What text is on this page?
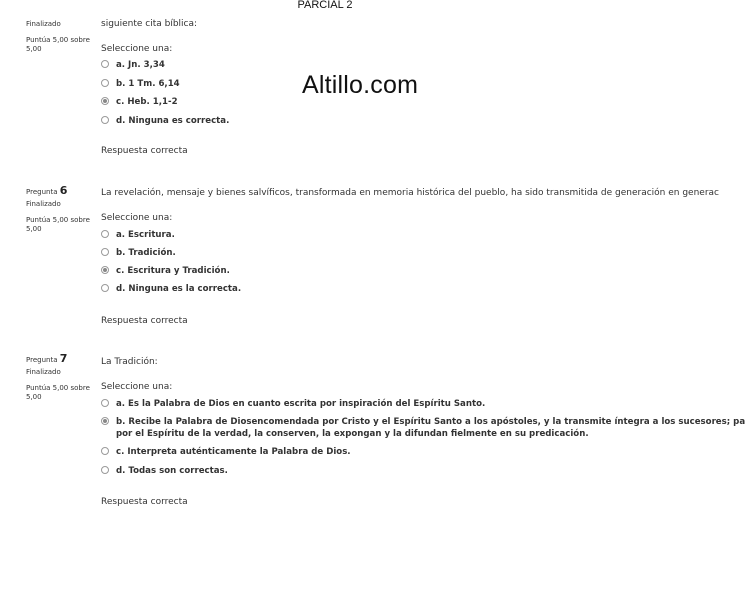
PARCIAL 2
Altillo.com
Finalizado
Puntúa 5,00 sobre
5,00

siguiente cita bíblica:

Seleccione una:

a. Jn. 3,34
b. 1 Tm. 6,14
c. Heb. 1,1-2
d. Ninguna es correcta.
Respuesta correcta
Pregunta 6
Finalizado
Puntúa 5,00 sobre
5,00

La revelación, mensaje y bienes salvíficos, transformada en memoria histórica del pueblo, ha sido transmitida de generación en generac

Seleccione una:

a. Escritura.
b. Tradición.
c. Escritura y Tradición.
d. Ninguna es la correcta.
Respuesta correcta
Pregunta 7
Finalizado
Puntúa 5,00 sobre
5,00

La Tradición:

Seleccione una:

a. Es la Palabra de Dios en cuanto escrita por inspiración del Espíritu Santo.
b. Recibe la Palabra de Diosencomendada por Cristo y el Espíritu Santo a los apóstoles, y la transmite íntegra a los sucesores; pa
por el Espíritu de la verdad, la conserven, la expongan y la difundan fielmente en su predicación.
c. Interpreta auténticamente la Palabra de Dios.
d. Todas son correctas.
Respuesta correcta
